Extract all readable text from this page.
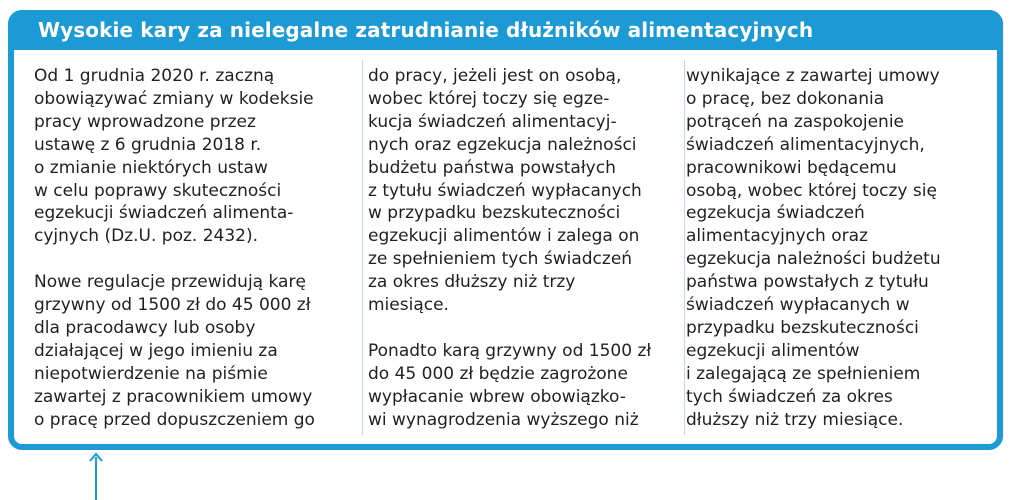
Wysokie kary za nielegalne zatrudnianie dłużników alimentacyjnych
Od 1 grudnia 2020 r. zaczną
obowiązywać zmiany w kodeksie
pracy wprowadzone przez
ustawę z 6 grudnia 2018 r.
o zmianie niektórych ustaw
w celu poprawy skuteczności
egzekucji świadczeń alimenta-
cyjnych (Dz.U. poz. 2432).
Nowe regulacje przewidują karę
grzywny od 1500 zł do 45 000 zł
dla pracodawcy lub osoby
działającej w jego imieniu za
niepotwierdzenie na piśmie
zawartej z pracownikiem umowy
o pracę przed dopuszczeniem go
do pracy, jeżeli jest on osobą,
wobec której toczy się egze-
kucja świadczeń alimentacyj-
nych oraz egzekucja należności
budżetu państwa powstałych
z tytułu świadczeń wypłacanych
w przypadku bezskuteczności
egzekucji alimentów i zalega on
ze spełnieniem tych świadczeń
za okres dłuższy niż trzy
miesiące.
Ponadto karą grzywny od 1500 zł
do 45 000 zł będzie zagrożone
wypłacanie wbrew obowiązko-
wi wynagrodzenia wyższego niż
wynikające z zawartej umowy
o pracę, bez dokonania
potrąceń na zaspokojenie
świadczeń alimentacyjnych,
pracownikowi będącemu
osobą, wobec której toczy się
egzekucja świadczeń
alimentacyjnych oraz
egzekucja należności budżetu
państwa powstałych z tytułu
świadczeń wypłacanych w
przypadku bezskuteczności
egzekucji alimentów
i zalegającą ze spełnieniem
tych świadczeń za okres
dłuższy niż trzy miesiące.
